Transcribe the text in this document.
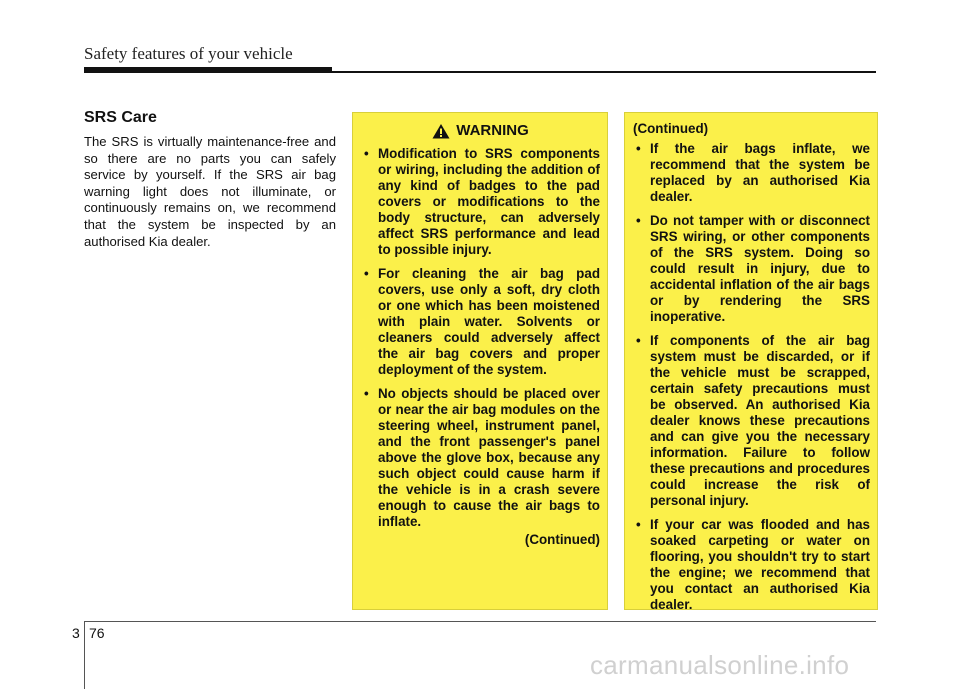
Safety features of your vehicle
SRS Care

The SRS is virtually maintenance-free and so there are no parts you can safely service by yourself. If the SRS air bag warning light does not illuminate, or continuously remains on, we recommend that the system be inspected by an authorised Kia dealer.

WARNING
• Modification to SRS components or wiring, including the addition of any kind of badges to the pad covers or modifications to the body structure, can adversely affect SRS performance and lead to possible injury.
• For cleaning the air bag pad covers, use only a soft, dry cloth or one which has been moistened with plain water. Solvents or cleaners could adversely affect the air bag covers and proper deployment of the system.
• No objects should be placed over or near the air bag modules on the steering wheel, instrument panel, and the front passenger's panel above the glove box, because any such object could cause harm if the vehicle is in a crash severe enough to cause the air bags to inflate.
(Continued)
(Continued)
• If the air bags inflate, we recommend that the system be replaced by an authorised Kia dealer.
• Do not tamper with or disconnect SRS wiring, or other components of the SRS system. Doing so could result in injury, due to accidental inflation of the air bags or by rendering the SRS inoperative.
• If components of the air bag system must be discarded, or if the vehicle must be scrapped, certain safety precautions must be observed. An authorised Kia dealer knows these precautions and can give you the necessary information. Failure to follow these precautions and procedures could increase the risk of personal injury.
• If your car was flooded and has soaked carpeting or water on flooring, you shouldn't try to start the engine; we recommend that you contact an authorised Kia dealer.
3 76
carmanualsonline.info
